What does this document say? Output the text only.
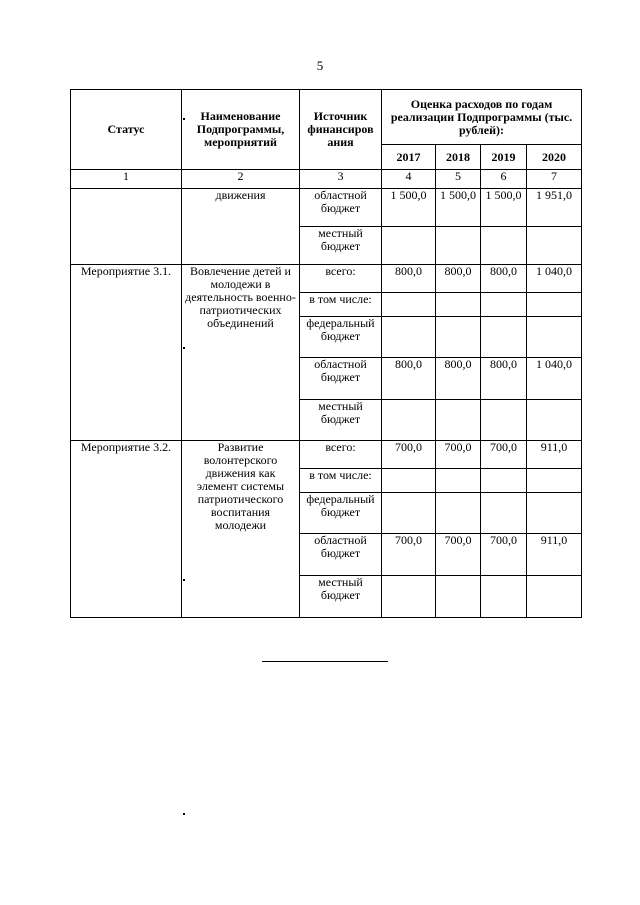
5
Статус	Наименование Подпрограммы, мероприятий	Источник финансиров ания	Оценка расходов по годам реализации Подпрограммы (тыс. рублей):			
			2017	2018	2019	2020
1	2	3	4	5	6	7
	движения	областной бюджет	1 500,0	1 500,0	1 500,0	1 951,0
		местный бюджет				
Мероприятие 3.1.	Вовлечение детей и молодежи в деятельность военно-патриотических объединений	всего:	800,0	800,0	800,0	1 040,0
		в том числе:				
		федеральный бюджет				
		областной бюджет	800,0	800,0	800,0	1 040,0
		местный бюджет				
Мероприятие 3.2.	Развитие волонтерского движения как элемент системы патриотического воспитания молодежи	всего:	700,0	700,0	700,0	911,0
		в том числе:				
		федеральный бюджет				
		областной бюджет	700,0	700,0	700,0	911,0
		местный бюджет				
